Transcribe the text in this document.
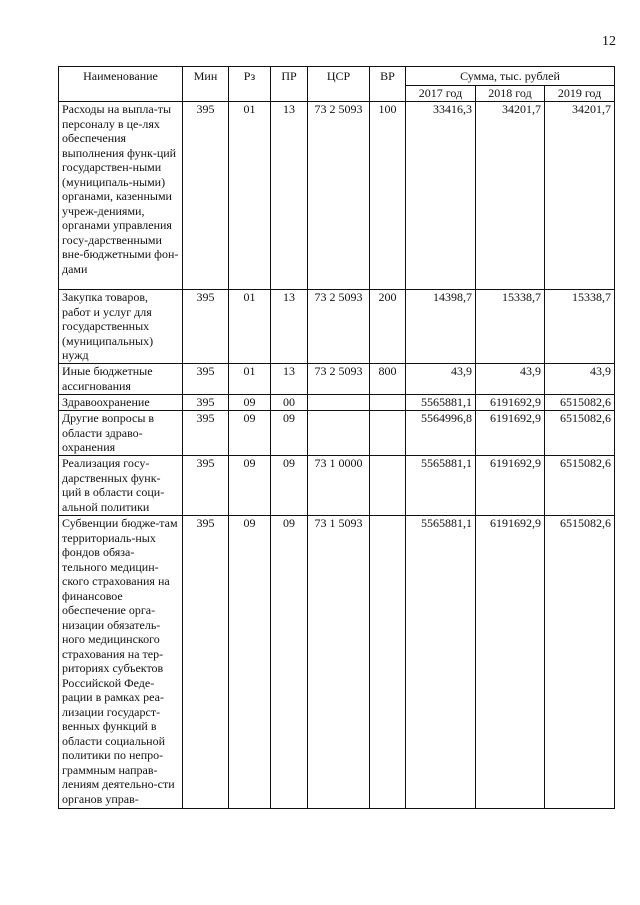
12
Наименование	Мин	Рз	ПР	ЦСР	ВР	Сумма, тыс. рублей		
						2017 год	2018 год	2019 год
Расходы на выпла-ты персоналу в це-лях обеспечения выполнения функ-ций государствен-ными (муниципаль-ными) органами, казенными учреж-дениями, органами управления госу-дарственными вне-бюджетными фон-дами	395	01	13	73 2 5093	100	33416,3	34201,7	34201,7
Закупка товаров, работ и услуг для государственных (муниципальных) нужд	395	01	13	73 2 5093	200	14398,7	15338,7	15338,7
Иные бюджетные ассигнования	395	01	13	73 2 5093	800	43,9	43,9	43,9
Здравоохранение	395	09	00			5565881,1	6191692,9	6515082,6
Другие вопросы в области здраво-охранения	395	09	09			5564996,8	6191692,9	6515082,6
Реализация госу-дарственных функ-ций в области соци-альной политики	395	09	09	73 1 0000		5565881,1	6191692,9	6515082,6
Субвенции бюдже-там территориаль-ных фондов обяза-тельного медицин-ского страхования на финансовое обеспечение орга-низации обязатель-ного медицинского страхования на тер-риториях субъектов Российской Феде-рации в рамках реа-лизации государст-венных функций в области социальной политики по непро-граммным направ-лениям деятельно-сти органов управ-	395	09	09	73 1 5093		5565881,1	6191692,9	6515082,6
